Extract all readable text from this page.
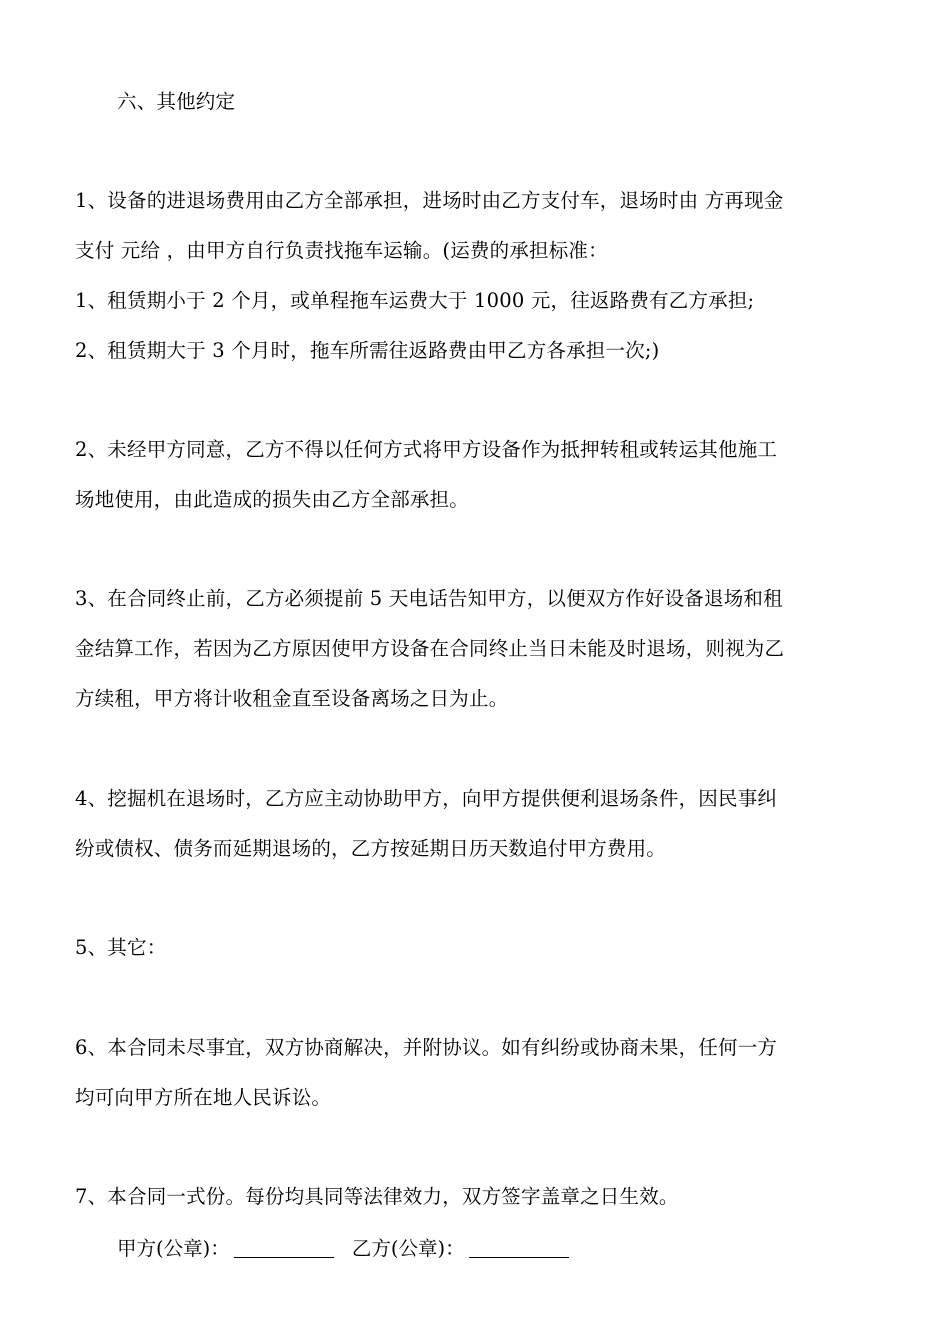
六、其他约定
1、设备的进退场费用由乙方全部承担，进场时由乙方支付车，退场时由 方再现金
支付 元给 ，由甲方自行负责找拖车运输。(运费的承担标准：
1、租赁期小于 2 个月，或单程拖车运费大于 1000 元，往返路费有乙方承担;
2、租赁期大于 3 个月时，拖车所需往返路费由甲乙方各承担一次;)
2、未经甲方同意，乙方不得以任何方式将甲方设备作为抵押转租或转运其他施工
场地使用，由此造成的损失由乙方全部承担。
3、在合同终止前，乙方必须提前 5 天电话告知甲方，以便双方作好设备退场和租
金结算工作，若因为乙方原因使甲方设备在合同终止当日未能及时退场，则视为乙
方续租，甲方将计收租金直至设备离场之日为止。
4、挖掘机在退场时，乙方应主动协助甲方，向甲方提供便利退场条件，因民事纠
纷或债权、债务而延期退场的，乙方按延期日历天数追付甲方费用。
5、其它：
6、本合同未尽事宜，双方协商解决，并附协议。如有纠纷或协商未果，任何一方
均可向甲方所在地人民诉讼。
7、本合同一式份。每份均具同等法律效力，双方签字盖章之日生效。
甲方(公章)：	乙方(公章)：
